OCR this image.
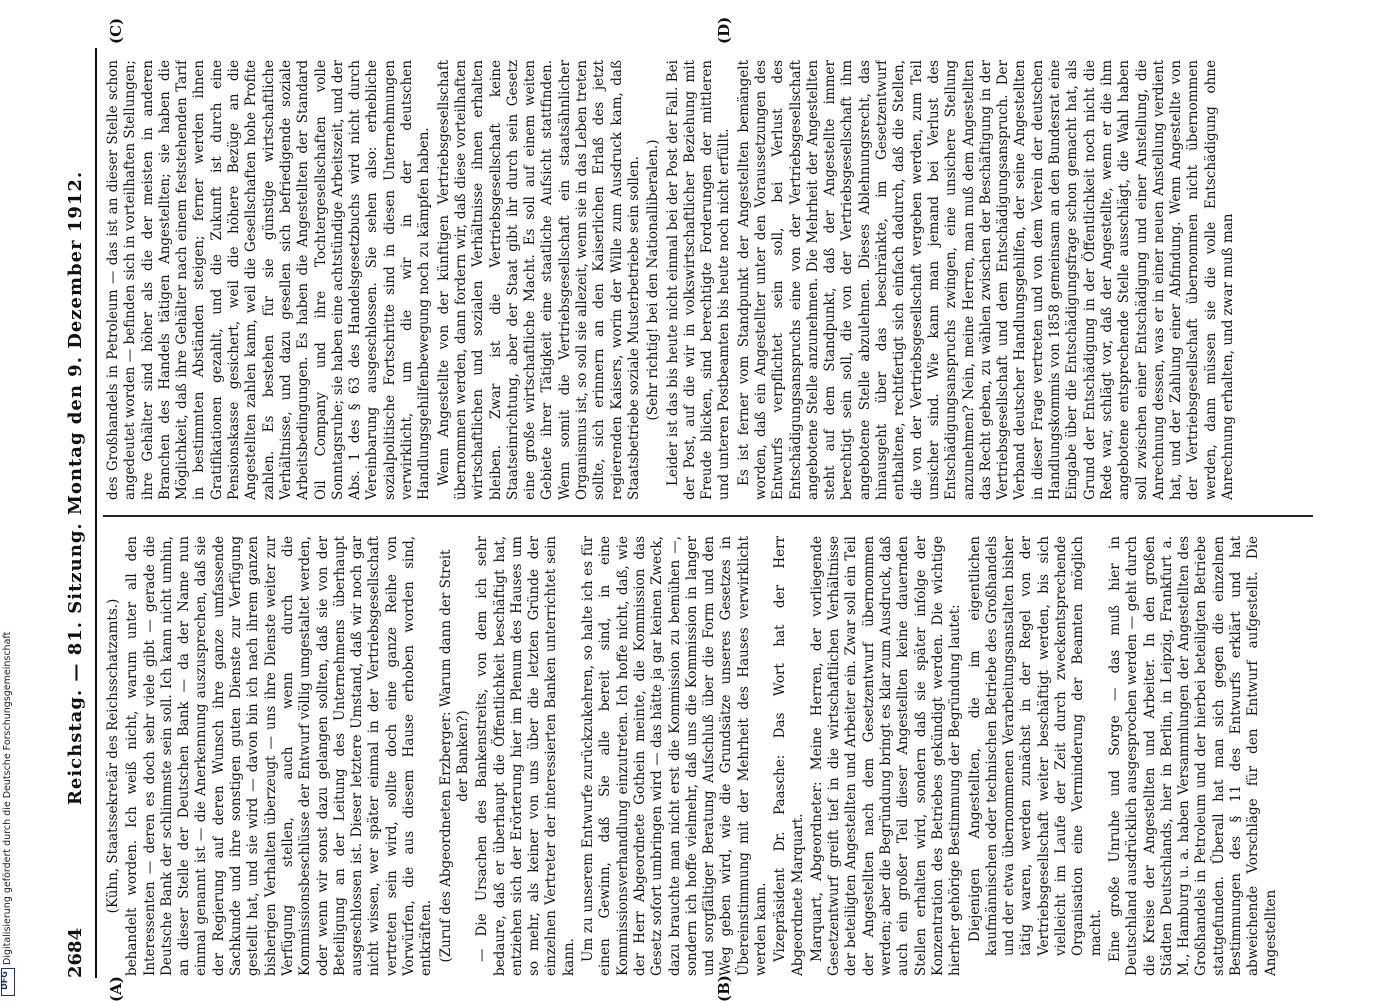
Digitalisierung gefördert durch die Deutsche Forschungsgemeinschaft
DFG
2684
Reichstag. — 81. Sitzung. Montag den 9. Dezember 1912.
(A)	(B)
(C)	(D)

(Kühn, Staatssekretär des Reichsschatzamts.) behandelt worden. Ich weiß nicht, warum unter all den Interessenten — deren es doch sehr viele gibt — gerade die Deutsche Bank der schlimmste sein soll. Ich kann nicht umhin, an dieser Stelle der Deutschen Bank — da der Name nun einmal genannt ist — die Anerkennung auszusprechen, daß sie der Regierung auf deren Wunsch ihre ganze umfassende Sachkunde und ihre sonstigen guten Dienste zur Verfügung gestellt hat, und sie wird — davon bin ich nach ihrem ganzen bisherigen Verhalten überzeugt — uns ihre Dienste weiter zur Verfügung stellen, auch wenn durch die Kommissionsbeschlüsse der Entwurf völlig umgestaltet werden, oder wenn wir sonst dazu gelangen sollten, daß sie von der Beteiligung an der Leitung des Unternehmens überhaupt ausgeschlossen ist. Dieser letztere Umstand, daß wir noch gar nicht wissen, wer später einmal in der Vertriebsgesellschaft vertreten sein wird, sollte doch eine ganze Reihe von Vorwürfen, die aus diesem Hause erhoben worden sind, entkräften. (Zuruf des Abgeordneten Erzberger: Warum dann der Streit der Banken?) — Die Ursachen des Bankenstreits, von dem ich sehr bedaure, daß er überhaupt die Öffentlichkeit beschäftigt hat, entziehen sich der Erörterung hier im Plenum des Hauses um so mehr, als keiner von uns über die letzten Gründe der einzelnen Vertreter der interessierten Banken unterrichtet sein kann. Um zu unserem Entwurfe zurückzukehren, so halte ich es für einen Gewinn, daß Sie alle bereit sind, in eine Kommissionsverhandlung einzutreten. Ich hoffe nicht, daß, wie der Herr Abgeordnete Gothein meinte, die Kommission das Gesetz sofort umbringen wird — das hätte ja gar keinen Zweck, dazu brauchte man nicht erst die Kommission zu bemühen —, sondern ich hoffe vielmehr, daß uns die Kommission in langer und sorgfältiger Beratung Aufschluß über die Form und den Weg geben wird, wie die Grundsätze unseres Gesetzes in Übereinstimmung mit der Mehrheit des Hauses verwirklicht werden kann. Vizepräsident Dr. Paasche: Das Wort hat der Herr Abgeordnete Marquart. Marquart, Abgeordneter: Meine Herren, der vorliegende Gesetzentwurf greift tief in die wirtschaftlichen Verhältnisse der beteiligten Angestellten und Arbeiter ein. Zwar soll ein Teil der Angestellten nach dem Gesetzentwurf übernommen werden; aber die Begründung bringt es klar zum Ausdruck, daß auch ein großer Teil dieser Angestellten keine dauernden Stellen erhalten wird, sondern daß sie später infolge der Konzentration des Betriebes gekündigt werden. Die wichtige hierher gehörige Bestimmung der Begründung lautet: Diejenigen Angestellten, die im eigentlichen kaufmännischen oder technischen Betriebe des Großhandels und der etwa übernommenen Verarbeitungsanstalten bisher tätig waren, werden zunächst in der Regel von der Vertriebsgesellschaft weiter beschäftigt werden, bis sich vielleicht im Laufe der Zeit durch zweckentsprechende Organisation eine Verminderung der Beamten möglich macht. Eine große Unruhe und Sorge — das muß hier in Deutschland ausdrücklich ausgesprochen werden — geht durch die Kreise der Angestellten und Arbeiter. In den großen Städten Deutschlands, hier in Berlin, in Leipzig, Frankfurt a. M., Hamburg u. a. haben Versammlungen der Angestellten des Großhandels in Petroleum und der hierbei beteiligten Betriebe stattgefunden. Überall hat man sich gegen die einzelnen Bestimmungen des § 11 des Entwurfs erklärt und hat abweichende Vorschläge für den Entwurf aufgestellt. Die Angestellten

des Großhandels in Petroleum — das ist an dieser Stelle schon angedeutet worden — befinden sich in vorteilhaften Stellungen; ihre Gehälter sind höher als die der meisten in anderen Branchen des Handels tätigen Angestellten; sie haben die Möglichkeit, daß ihre Gehälter nach einem feststehenden Tarif in bestimmten Abständen steigen; ferner werden ihnen Gratifikationen gezahlt, und die Zukunft ist durch eine Pensionskasse gesichert, weil die höhere Bezüge an die Angestellten zahlen kann, weil die Gesellschaften hohe Profite zahlen. Es bestehen für sie günstige wirtschaftliche Verhältnisse, und dazu gesellen sich befriedigende soziale Arbeitsbedingungen. Es haben die Angestellten der Standard Oil Company und ihre Tochtergesellschaften volle Sonntagsruhe; sie haben eine achtstündige Arbeitszeit, und der Abs. 1 des § 63 des Handelsgesetzbuchs wird nicht durch Vereinbarung ausgeschlossen. Sie sehen also: erhebliche sozialpolitische Fortschritte sind in diesen Unternehmungen verwirklicht, um die wir in der deutschen Handlungsgehilfenbewegung noch zu kämpfen haben. Wenn Angestellte von der künftigen Vertriebsgesellschaft übernommen werden, dann fordern wir, daß diese vorteilhaften wirtschaftlichen und sozialen Verhältnisse ihnen erhalten bleiben. Zwar ist die Vertriebsgesellschaft keine Staatseinrichtung, aber der Staat gibt ihr durch sein Gesetz eine große wirtschaftliche Macht. Es soll auf einem weiten Gebiete ihrer Tätigkeit eine staatliche Aufsicht stattfinden. Wenn somit die Vertriebsgesellschaft ein staatsähnlicher Organismus ist, so soll sie allezeit, wenn sie in das Leben treten sollte, sich erinnern an den Kaiserlichen Erlaß des jetzt regierenden Kaisers, worin der Wille zum Ausdruck kam, daß Staatsbetriebe soziale Musterbetriebe sein sollen. (Sehr richtig! bei den Nationalliberalen.) Leider ist das bis heute nicht einmal bei der Post der Fall. Bei der Post, auf die wir in volkswirtschaftlicher Beziehung mit Freude blicken, sind berechtigte Forderungen der mittleren und unteren Postbeamten bis heute noch nicht erfüllt. Es ist ferner vom Standpunkt der Angestellten bemängelt worden, daß ein Angestellter unter den Voraussetzungen des Entwurfs verpflichtet sein soll, bei Verlust des Entschädigungsanspruchs eine von der Vertriebsgesellschaft angebotene Stelle anzunehmen. Die Mehrheit der Angestellten steht auf dem Standpunkt, daß der Angestellte immer berechtigt sein soll, die von der Vertriebsgesellschaft ihm angebotene Stelle abzulehnen. Dieses Ablehnungsrecht, das hinausgeht über das beschränkte, im Gesetzentwurf enthaltene, rechtfertigt sich einfach dadurch, daß die Stellen, die von der Vertriebsgesellschaft vergeben werden, zum Teil unsicher sind. Wie kann man jemand bei Verlust des Entschädigungsanspruchs zwingen, eine unsichere Stellung anzunehmen? Nein, meine Herren, man muß dem Angestellten das Recht geben, zu wählen zwischen der Beschäftigung in der Vertriebsgesellschaft und dem Entschädigungsanspruch. Der Verband deutscher Handlungsgehilfen, der seine Angestellten in dieser Frage vertreten und von dem Verein der deutschen Handlungskommis von 1858 gemeinsam an den Bundesrat eine Eingabe über die Entschädigungsfrage schon gemacht hat, als Grund der Entschädigung in der Öffentlichkeit noch nicht die Rede war, schlägt vor, daß der Angestellte, wenn er die ihm angebotene entsprechende Stelle ausschlägt, die Wahl haben soll zwischen einer Entschädigung und einer Anstellung, die Anrechnung dessen, was er in einer neuen Anstellung verdient hat, und der Zahlung einer Abfindung. Wenn Angestellte von der Vertriebsgesellschaft übernommen nicht übernommen werden, dann müssen sie die volle Entschädigung ohne Anrechnung erhalten, und zwar muß man
